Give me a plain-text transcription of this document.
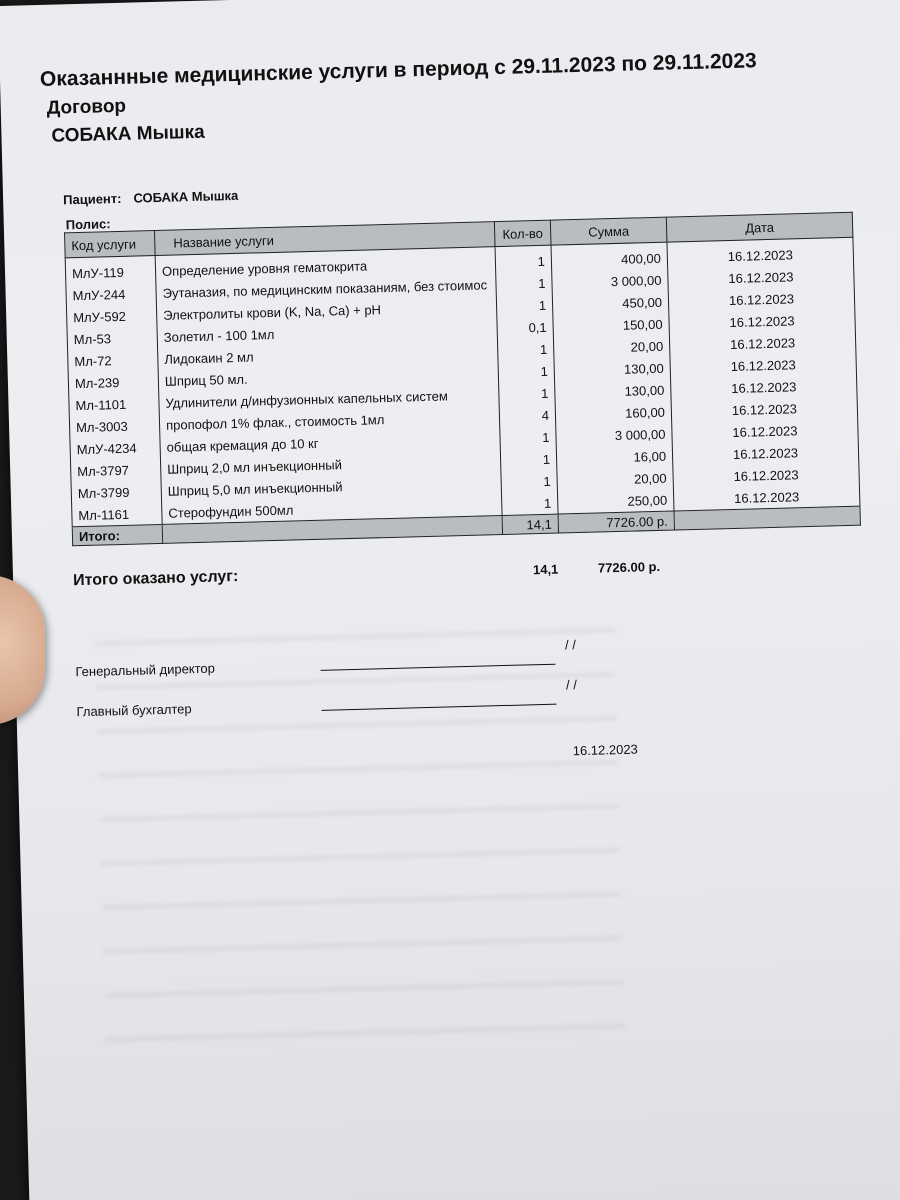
Оказаннные медицинские услуги в период с 29.11.2023 по 29.11.2023
Договор
СОБАКА Мышка
Пациент: СОБАКА Мышка
Полис:
Код услуги	Название услуги	Кол-во	Сумма	Дата
МлУ-119	Определение уровня гематокрита	1	400,00	16.12.2023
МлУ-244	Эутаназия, по медицинским показаниям, без стоимос	1	3 000,00	16.12.2023
МлУ-592	Электролиты крови (K, Na, Ca) + pH	1	450,00	16.12.2023
Мл-53	Золетил - 100 1мл	0,1	150,00	16.12.2023
Мл-72	Лидокаин 2 мл	1	20,00	16.12.2023
Мл-239	Шприц 50 мл.	1	130,00	16.12.2023
Мл-1101	Удлинители д/инфузионных капельных систем	1	130,00	16.12.2023
Мл-3003	пропофол 1% флак., стоимость 1мл	4	160,00	16.12.2023
МлУ-4234	общая кремация до 10 кг	1	3 000,00	16.12.2023
Мл-3797	Шприц 2,0 мл инъекционный	1	16,00	16.12.2023
Мл-3799	Шприц 5,0 мл инъекционный	1	20,00	16.12.2023
Мл-1161	Стерофундин 500мл	1	250,00	16.12.2023
Итого:		14,1	7726.00 р.	
Итого оказано услуг:	14,1	7726.00 р.
Генеральный директор
/ /
Главный бухгалтер
/ /
16.12.2023
